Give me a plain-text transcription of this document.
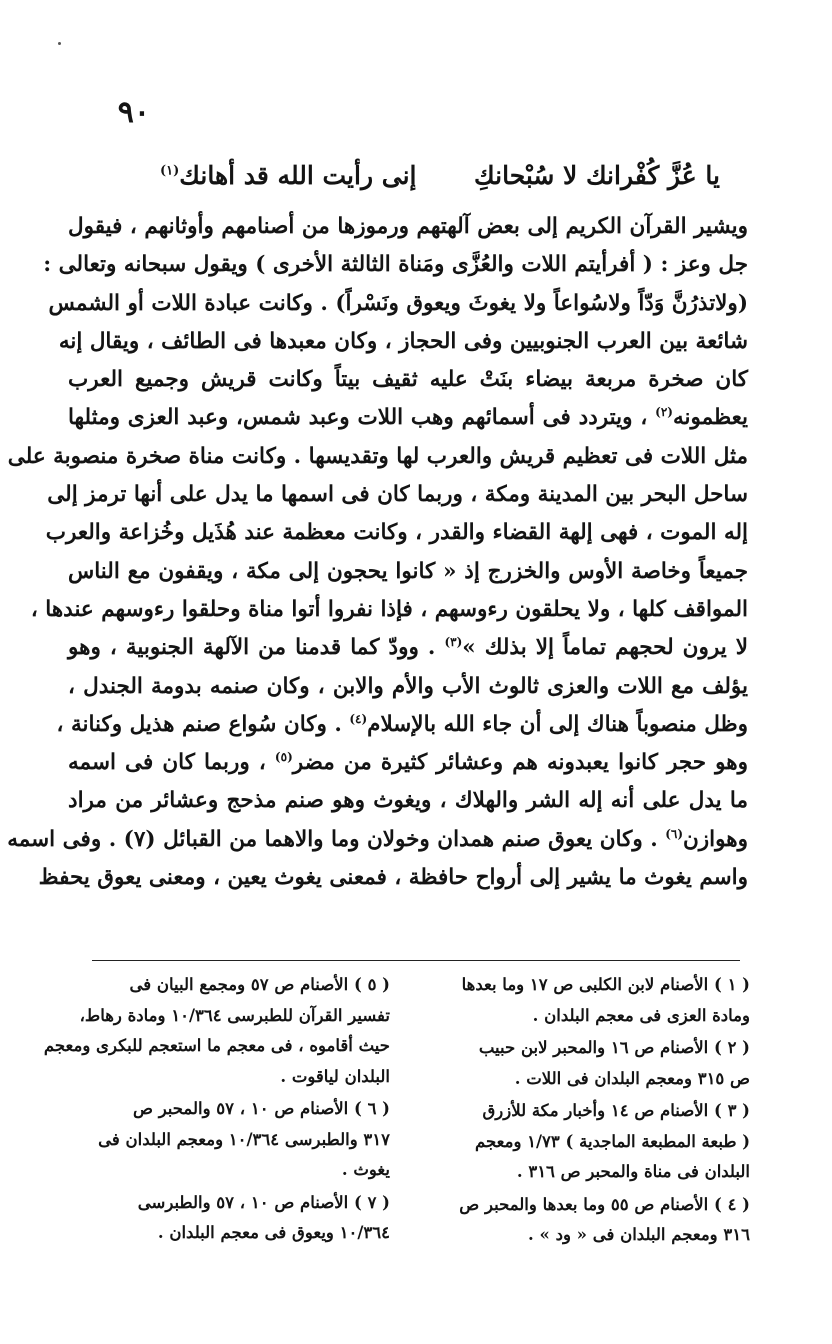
٩٠
يا عُزَّ كُفْرانك لا سُبْحانكِ
إنى رأيت الله قد أهانك$^{(١)}$
ويشير القرآن الكريم إلى بعض آلهتهم ورموزها من أصنامهم وأوثانهم ، فيقول
جل وعز : ( أفرأيتم اللات والعُزَّى ومَناة الثالثة الأخرى ) ويقول سبحانه وتعالى :
(ولاتذرُنَّ وَدّاً ولاسُواعاً ولا يغوثَ ويعوق ونَسْراً) . وكانت عبادة اللات أو الشمس
شائعة بين العرب الجنوبيين وفى الحجاز ، وكان معبدها فى الطائف ، ويقال إنه
كان صخرة مربعة بيضاء بنَتْ عليه ثقيف بيتاً وكانت قريش وجميع العرب
يعظمونه$^{(٢)}$ ، ويتردد فى أسمائهم وهب اللات وعبد شمس، وعبد العزى ومثلها
مثل اللات فى تعظيم قريش والعرب لها وتقديسها . وكانت مناة صخرة منصوبة على
ساحل البحر بين المدينة ومكة ، وربما كان فى اسمها ما يدل على أنها ترمز إلى
إله الموت ، فهى إلهة القضاء والقدر ، وكانت معظمة عند هُذَيل وخُزاعة والعرب
جميعاً وخاصة الأوس والخزرج إذ « كانوا يحجون إلى مكة ، ويقفون مع الناس
المواقف كلها ، ولا يحلقون رءوسهم ، فإذا نفروا أتوا مناة وحلقوا رءوسهم عندها ،
لا يرون لحجهم تماماً إلا بذلك »$^{(٣)}$ . وودّ كما قدمنا من الآلهة الجنوبية ، وهو
يؤلف مع اللات والعزى ثالوث الأب والأم والابن ، وكان صنمه بدومة الجندل ،
وظل منصوباً هناك إلى أن جاء الله بالإسلام$^{(٤)}$ . وكان سُواع صنم هذيل وكنانة ،
وهو حجر كانوا يعبدونه هم وعشائر كثيرة من مضر$^{(٥)}$ ، وربما كان فى اسمه
ما يدل على أنه إله الشر والهلاك ، ويغوث وهو صنم مذحج وعشائر من مراد
وهوازن$^{(٦)}$ . وكان يعوق صنم همدان وخولان وما والاهما من القبائل (٧) . وفى اسمه
واسم يغوث ما يشير إلى أرواح حافظة ، فمعنى يغوث يعين ، ومعنى يعوق يحفظ
( ١ ) الأصنام لابن الكلبى ص ١٧ وما بعدها
ومادة العزى فى معجم البلدان .
( ٢ ) الأصنام ص ١٦ والمحبر لابن حبيب
ص ٣١٥ ومعجم البلدان فى اللات .
( ٣ ) الأصنام ص ١٤ وأخبار مكة للأزرق
( طبعة المطبعة الماجدية ) ١/٧٣ ومعجم
البلدان فى مناة والمحبر ص ٣١٦ .
( ٤ ) الأصنام ص ٥٥ وما بعدها والمحبر ص
٣١٦ ومعجم البلدان فى « ود » .
( ٥ ) الأصنام ص ٥٧ ومجمع البيان فى
تفسير القرآن للطبرسى ١٠/٣٦٤ ومادة رهاط،
حيث أقاموه ، فى معجم ما استعجم للبكرى ومعجم
البلدان لياقوت .
( ٦ ) الأصنام ص ١٠ ، ٥٧ والمحبر ص
٣١٧ والطبرسى ١٠/٣٦٤ ومعجم البلدان فى
يغوث .
( ٧ ) الأصنام ص ١٠ ، ٥٧ والطبرسى
١٠/٣٦٤ ويعوق فى معجم البلدان .
